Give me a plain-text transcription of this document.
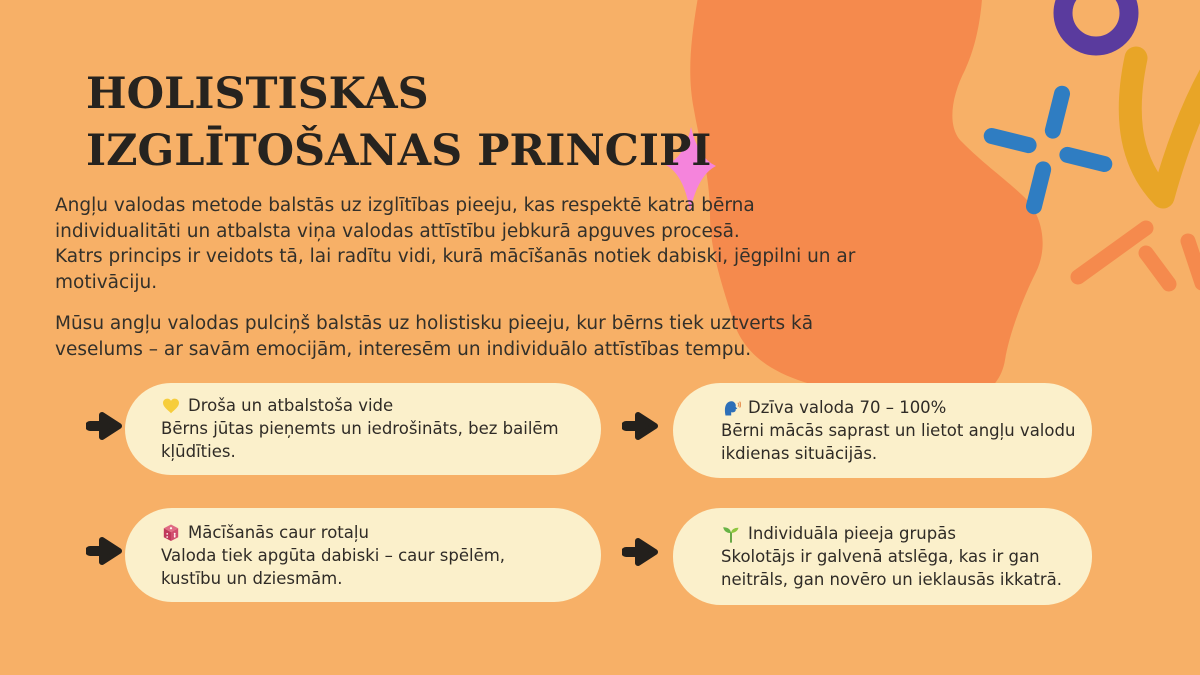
HOLISTISKAS
IZGLĪTOŠANAS PRINCIPI
Angļu valodas metode balstās uz izglītības pieeju, kas respektē katra bērna
individualitāti un atbalsta viņa valodas attīstību jebkurā apguves procesā.
Katrs princips ir veidots tā, lai radītu vidi, kurā mācīšanās notiek dabiski, jēgpilni un ar
motivāciju.
Mūsu angļu valodas pulciņš balstās uz holistisku pieeju, kur bērns tiek uztverts kā
veselums – ar savām emocijām, interesēm un individuālo attīstības tempu.
Droša un atbalstoša vide
Bērns jūtas pieņemts un iedrošināts, bez bailēm
kļūdīties.
Dzīva valoda 70 – 100%
Bērni mācās saprast un lietot angļu valodu
ikdienas situācijās.
Mācīšanās caur rotaļu
Valoda tiek apgūta dabiski – caur spēlēm,
kustību un dziesmām.
Individuāla pieeja grupās
Skolotājs ir galvenā atslēga, kas ir gan
neitrāls, gan novēro un ieklausās ikkatrā.
